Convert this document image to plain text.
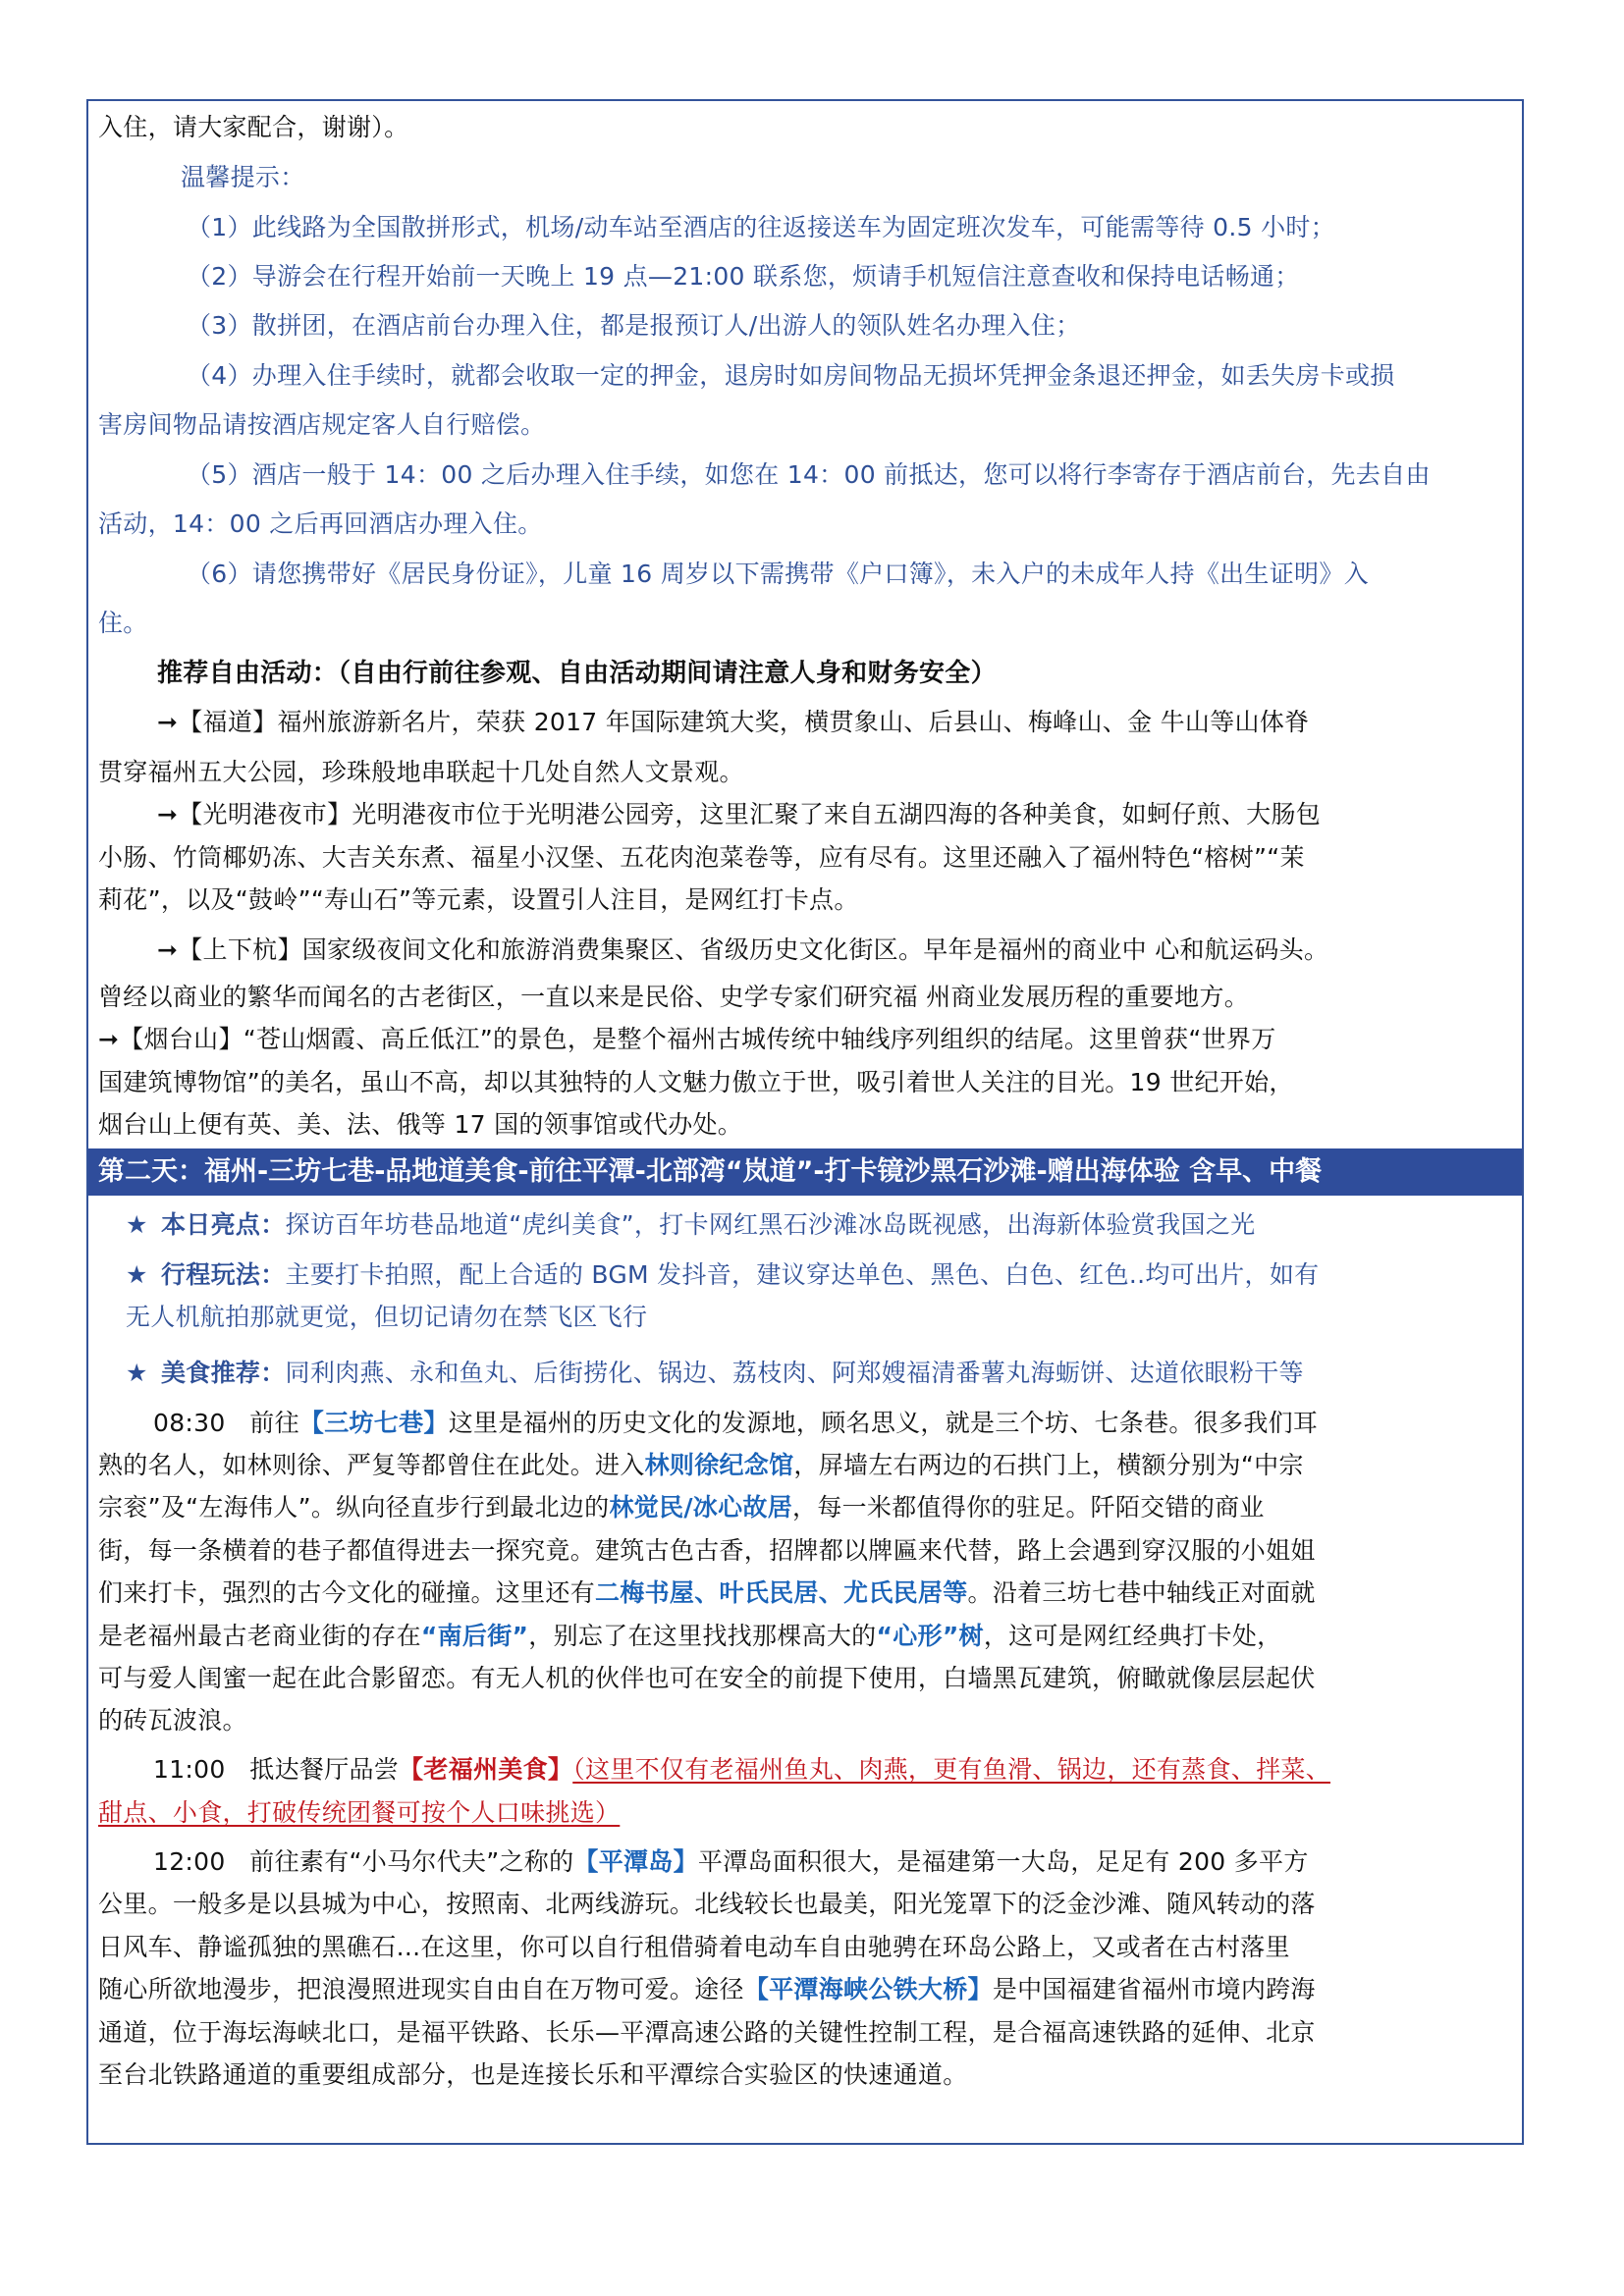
入住，请大家配合，谢谢）。
温馨提示：
（1）此线路为全国散拼形式，机场/动车站至酒店的往返接送车为固定班次发车，可能需等待 0.5 小时；
（2）导游会在行程开始前一天晚上 19 点—21:00 联系您，烦请手机短信注意查收和保持电话畅通；
（3）散拼团，在酒店前台办理入住，都是报预订人/出游人的领队姓名办理入住；
（4）办理入住手续时，就都会收取一定的押金，退房时如房间物品无损坏凭押金条退还押金，如丢失房卡或损
害房间物品请按酒店规定客人自行赔偿。
（5）酒店一般于 14：00 之后办理入住手续，如您在 14：00 前抵达，您可以将行李寄存于酒店前台，先去自由
活动，14：00 之后再回酒店办理入住。
（6）请您携带好《居民身份证》，儿童 16 周岁以下需携带《户口簿》，未入户的未成年人持《出生证明》入
住。
推荐自由活动：（自由行前往参观、自由活动期间请注意人身和财务安全）
➞【福道】福州旅游新名片，荣获 2017 年国际建筑大奖，横贯象山、后县山、梅峰山、金 牛山等山体脊
贯穿福州五大公园，珍珠般地串联起十几处自然人文景观。
➞【光明港夜市】光明港夜市位于光明港公园旁，这里汇聚了来自五湖四海的各种美食，如蚵仔煎、大肠包
小肠、竹筒椰奶冻、大吉关东煮、福星小汉堡、五花肉泡菜卷等，应有尽有。这里还融入了福州特色“榕树”“茉
莉花”，以及“鼓岭”“寿山石”等元素，设置引人注目，是网红打卡点。
➞【上下杭】国家级夜间文化和旅游消费集聚区、省级历史文化街区。早年是福州的商业中 心和航运码头。
曾经以商业的繁华而闻名的古老街区，一直以来是民俗、史学专家们研究福 州商业发展历程的重要地方。
➞【烟台山】“苍山烟霞、高丘低江”的景色，是整个福州古城传统中轴线序列组织的结尾。这里曾获“世界万
国建筑博物馆”的美名，虽山不高，却以其独特的人文魅力傲立于世，吸引着世人关注的目光。19 世纪开始，
烟台山上便有英、美、法、俄等 17 国的领事馆或代办处。
第二天：福州-三坊七巷-品地道美食-前往平潭-北部湾“岚道”-打卡镜沙黑石沙滩-赠出海体验 含早、中餐
★ 本日亮点：探访百年坊巷品地道“虎纠美食”，打卡网红黑石沙滩冰岛既视感，出海新体验赏我国之光
★ 行程玩法：主要打卡拍照，配上合适的 BGM 发抖音，建议穿达单色、黑色、白色、红色..均可出片，如有
无人机航拍那就更觉，但切记请勿在禁飞区飞行
★ 美食推荐：同利肉燕、永和鱼丸、后街捞化、锅边、荔枝肉、阿郑嫂福清番薯丸海蛎饼、达道依眼粉干等
08:30 前往【三坊七巷】这里是福州的历史文化的发源地，顾名思义，就是三个坊、七条巷。很多我们耳
熟的名人，如林则徐、严复等都曾住在此处。进入林则徐纪念馆，屏墙左右两边的石拱门上，横额分别为“中宗
宗衮”及“左海伟人”。纵向径直步行到最北边的林觉民/冰心故居，每一米都值得你的驻足。阡陌交错的商业
街，每一条横着的巷子都值得进去一探究竟。建筑古色古香，招牌都以牌匾来代替，路上会遇到穿汉服的小姐姐
们来打卡，强烈的古今文化的碰撞。这里还有二梅书屋、叶氏民居、尤氏民居等。沿着三坊七巷中轴线正对面就
是老福州最古老商业街的存在“南后街”，别忘了在这里找找那棵高大的“心形”树，这可是网红经典打卡处，
可与爱人闺蜜一起在此合影留恋。有无人机的伙伴也可在安全的前提下使用，白墙黑瓦建筑，俯瞰就像层层起伏
的砖瓦波浪。
11:00 抵达餐厅品尝【老福州美食】（这里不仅有老福州鱼丸、肉燕，更有鱼滑、锅边，还有蒸食、拌菜、
甜点、小食，打破传统团餐可按个人口味挑选）
12:00 前往素有“小马尔代夫”之称的【平潭岛】平潭岛面积很大，是福建第一大岛，足足有 200 多平方
公里。一般多是以县城为中心，按照南、北两线游玩。北线较长也最美，阳光笼罩下的泛金沙滩、随风转动的落
日风车、静谧孤独的黑礁石...在这里，你可以自行租借骑着电动车自由驰骋在环岛公路上，又或者在古村落里
随心所欲地漫步，把浪漫照进现实自由自在万物可爱。途径【平潭海峡公铁大桥】是中国福建省福州市境内跨海
通道，位于海坛海峡北口，是福平铁路、长乐—平潭高速公路的关键性控制工程，是合福高速铁路的延伸、北京
至台北铁路通道的重要组成部分，也是连接长乐和平潭综合实验区的快速通道。
